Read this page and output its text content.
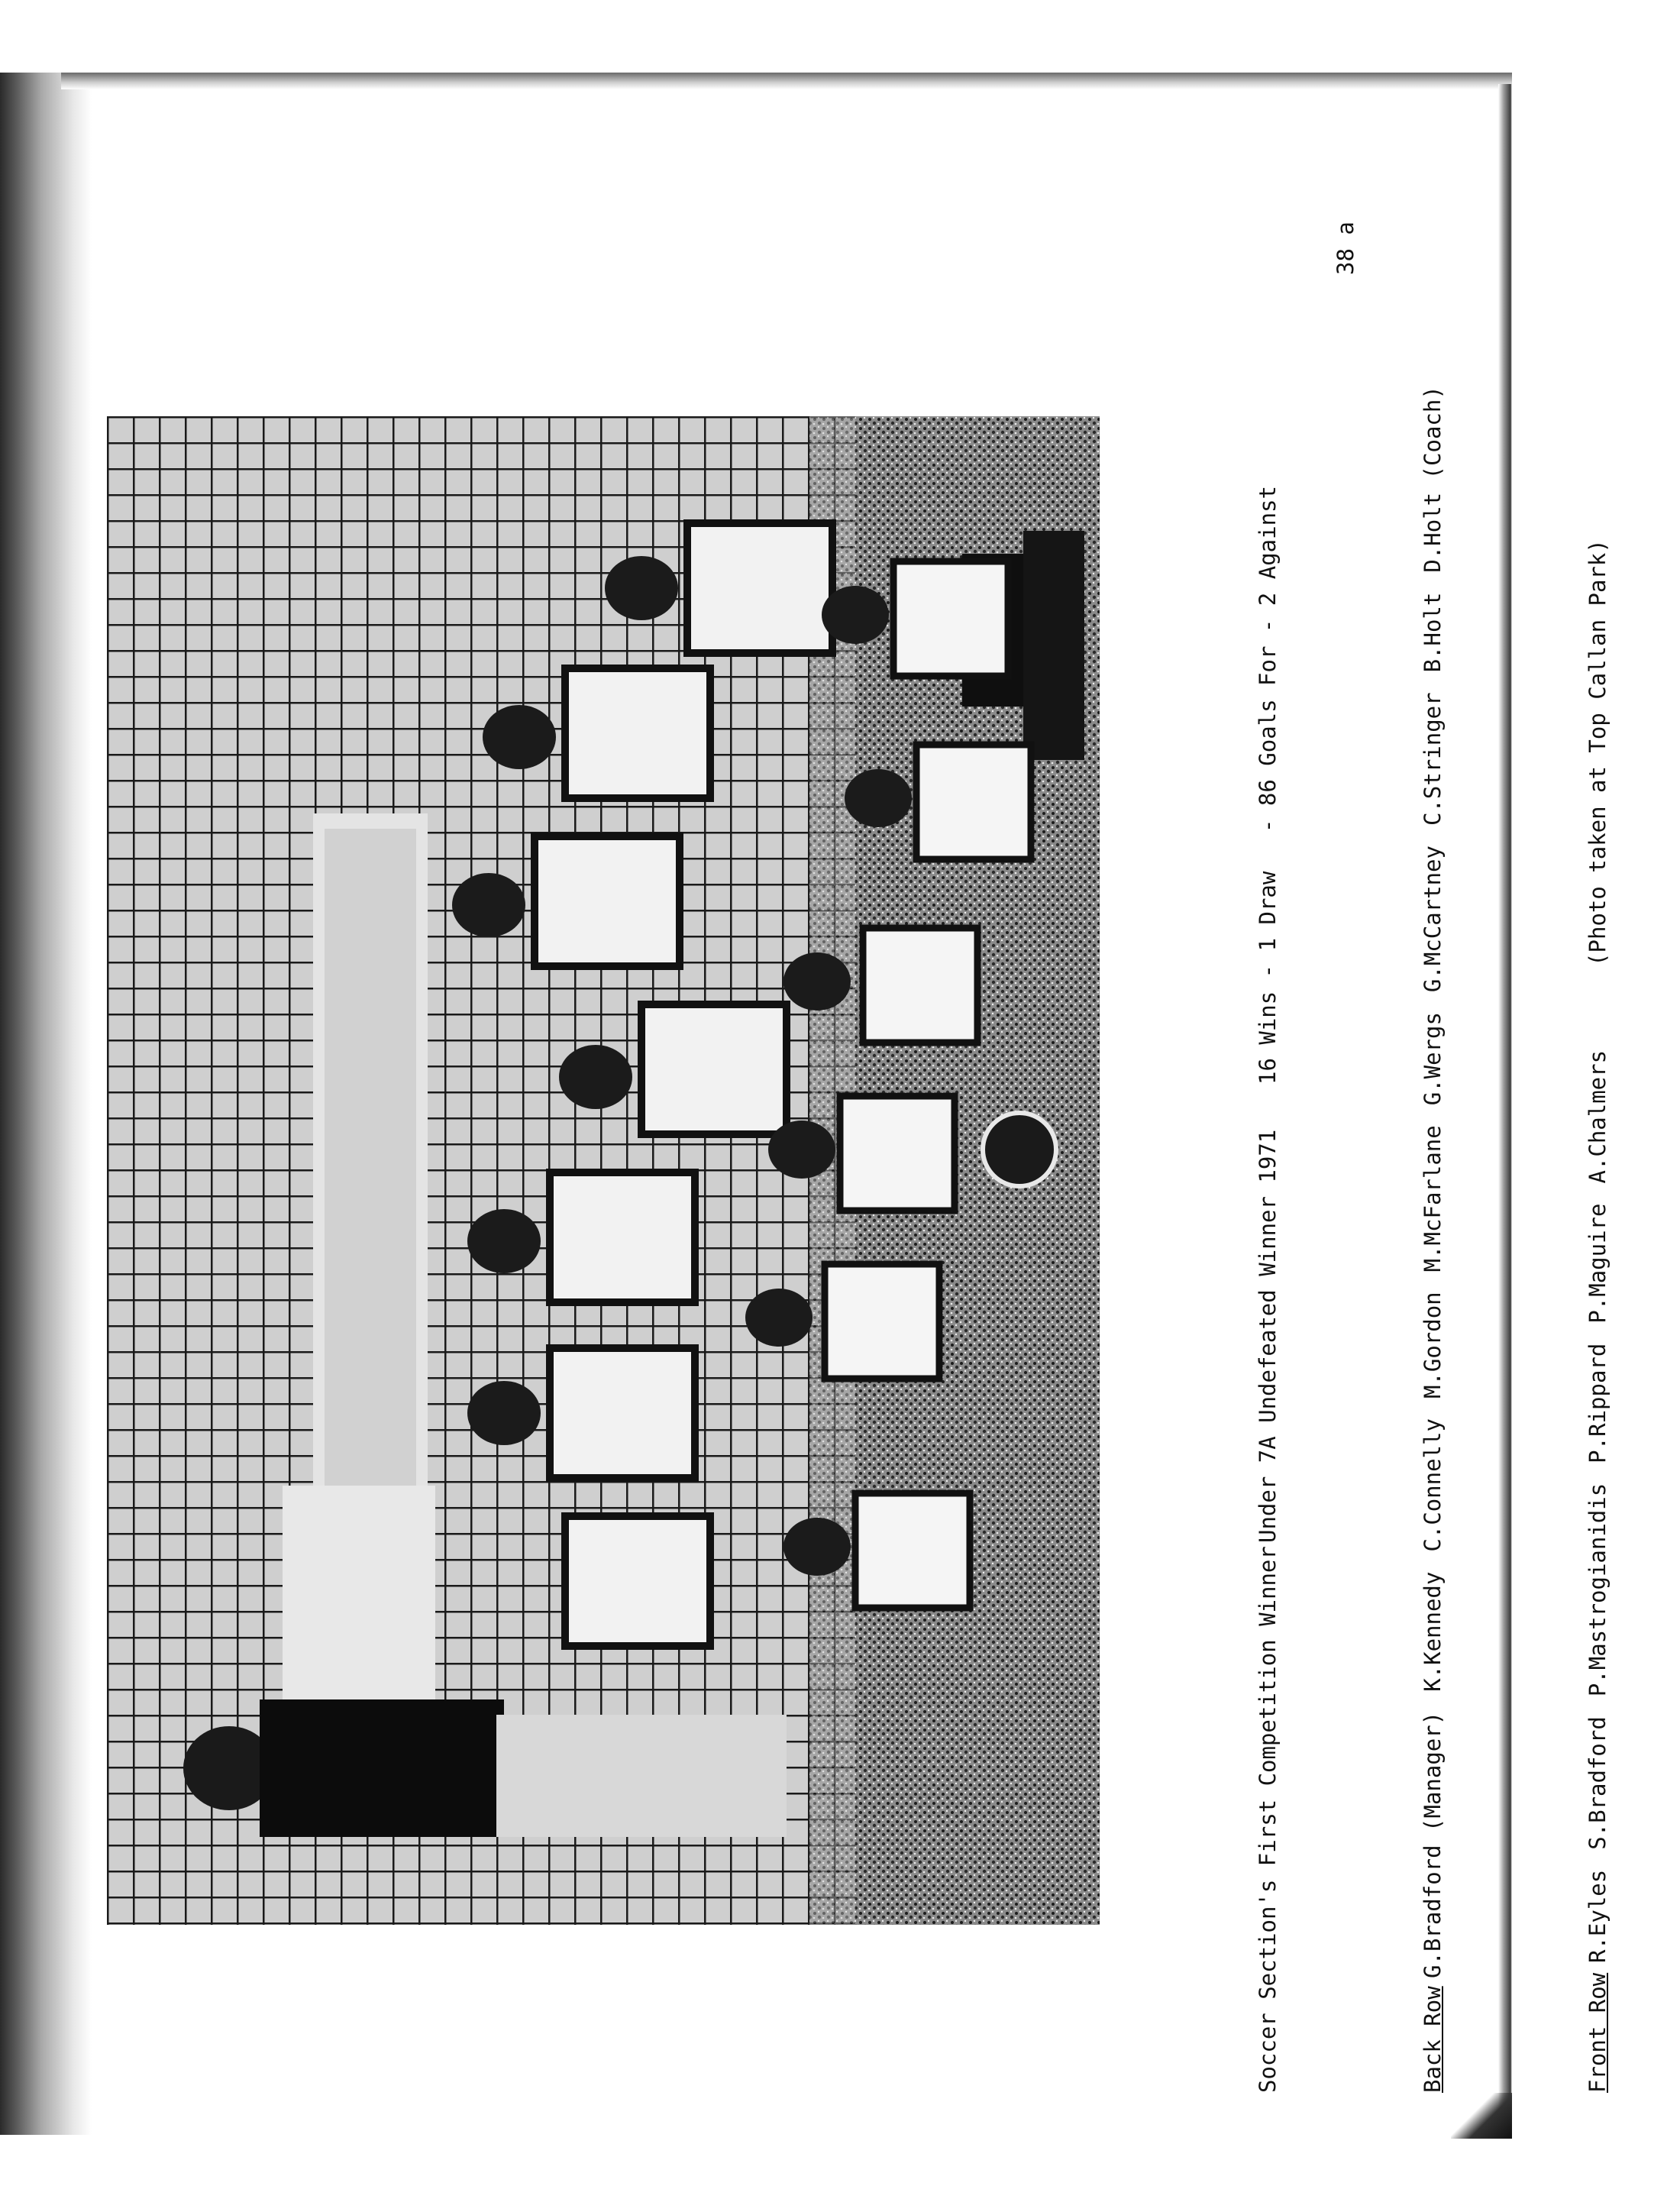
Soccer Section's First Competition Winner
Under 7A Undefeated Winner 1971
16 Wins - 1 Draw
- 86 Goals For - 2 Against

Back Row
G.Bradford (Manager)
K.Kennedy
C.Connelly
M.Gordon
M.McFarlane
G.Wergs
G.McCartney
C.Stringer
B.Holt
D.Holt (Coach)

Front Row
R.Eyles
S.Bradford
P.Mastrogianidis
P.Rippard
P.Maguire
A.Chalmers
(Photo taken at Top Callan Park)

38 a
